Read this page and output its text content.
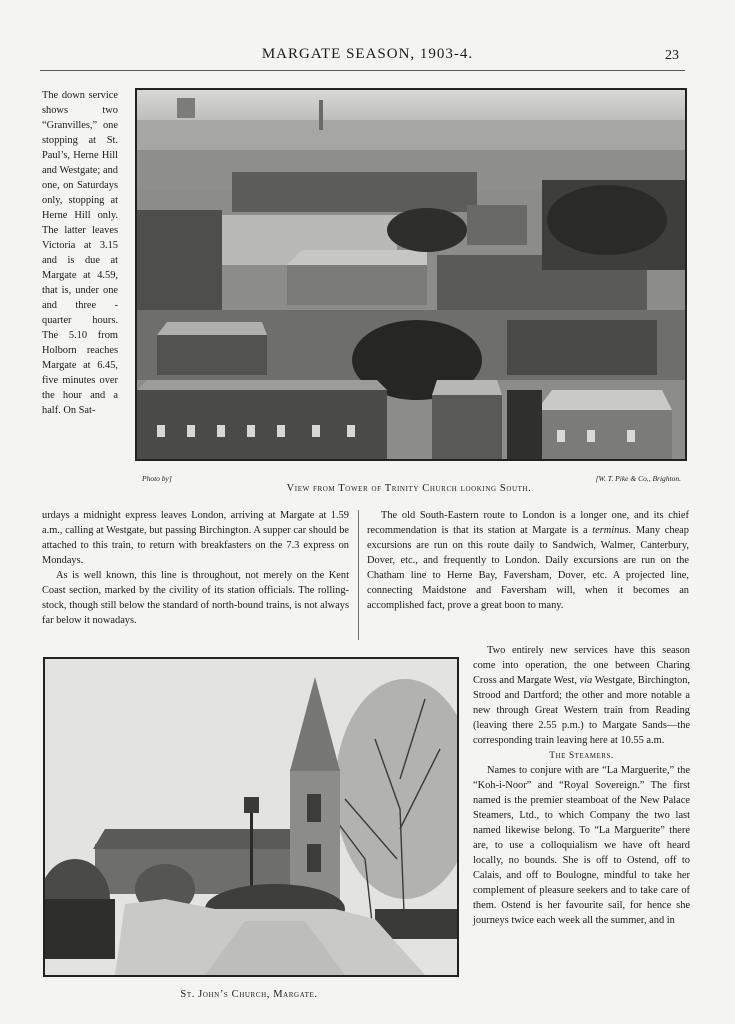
MARGATE SEASON, 1903-4.	23
The down service shows two “Granvilles,” one stopping at St. Paul’s, Herne Hill and Westgate; and one, on Saturdays only, stopping at Herne Hill only. The latter leaves Victoria at 3.15 and is due at Margate at 4.59, that is, under one and three - quarter hours. The 5.10 from Holborn reaches Margate at 6.45, five minutes over the hour and a half. On Sat-
Photo by]	[W. T. Pike & Co., Brighton.
View from Tower of Trinity Church looking South.

urdays a midnight express leaves London, arriving at Margate at 1.59 a.m., calling at Westgate, but passing Birchington. A supper car should be attached to this train, to return with breakfasters on the 7.3 express on Mondays.

As is well known, this line is throughout, not merely on the Kent Coast section, marked by the civility of its station officials. The rolling-stock, though still below the standard of north-bound trains, is not always far below it nowadays.

The old South-Eastern route to London is a longer one, and its chief recommendation is that its station at Margate is a terminus. Many cheap excursions are run on this route daily to Sandwich, Walmer, Canterbury, Dover, etc., and frequently to London. Daily excursions are run on the Chatham line to Herne Bay, Faversham, Dover, etc. A projected line, connecting Maidstone and Faversham will, when it becomes an accomplished fact, prove a great boon to many.

St. John’s Church, Margate.

Two entirely new services have this season come into operation, the one between Charing Cross and Margate West, via Westgate, Birchington, Strood and Dartford; the other and more notable a new through Great Western train from Reading (leaving there 2.55 p.m.) to Margate Sands—the corresponding train leaving here at 10.55 a.m.

The Steamers.

Names to conjure with are “La Marguerite,” the “Koh-i-Noor” and “Royal Sovereign.” The first named is the premier steamboat of the New Palace Steamers, Ltd., to which Company the two last named likewise belong. To “La Marguerite” there are, to use a colloquialism we have oft heard locally, no bounds. She is off to Ostend, off to Calais, and off to Boulogne, mindful to take her complement of pleasure seekers and to take care of them. Ostend is her favourite sail, for hence she journeys twice each week all the summer, and in
